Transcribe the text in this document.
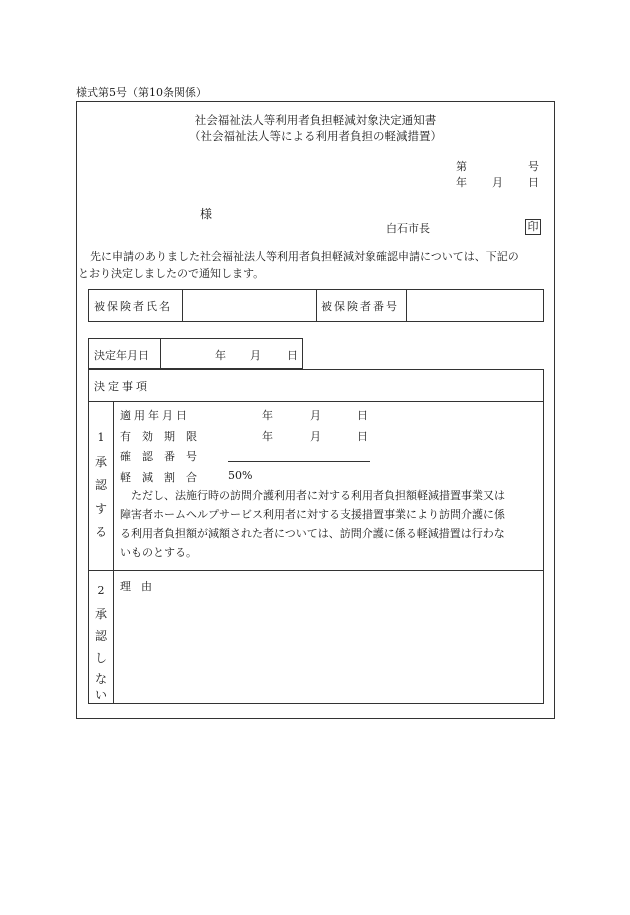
様式第5号（第10条関係）
社会福祉法人等利用者負担軽減対象決定通知書
（社会福祉法人等による利用者負担の軽減措置）
第	号
年 月 日
様
白石市長	印
先に申請のありました社会福祉法人等利用者負担軽減対象確認申請については、下記の
とおり決定しましたので通知します。
被保険者氏名	被保険者番号
決定年月日	年 月 日
決定事項
1
承
認
す
る
適用年月日	年	月	日
有効期限	年	月	日
確認番号
軽減割合 50%
ただし、法施行時の訪問介護利用者に対する利用者負担額軽減措置事業又は
障害者ホームヘルプサービス利用者に対する支援措置事業により訪問介護に係
る利用者負担額が減額された者については、訪問介護に係る軽減措置は行わな
いものとする。
2
承
認
し
な
い
理由
